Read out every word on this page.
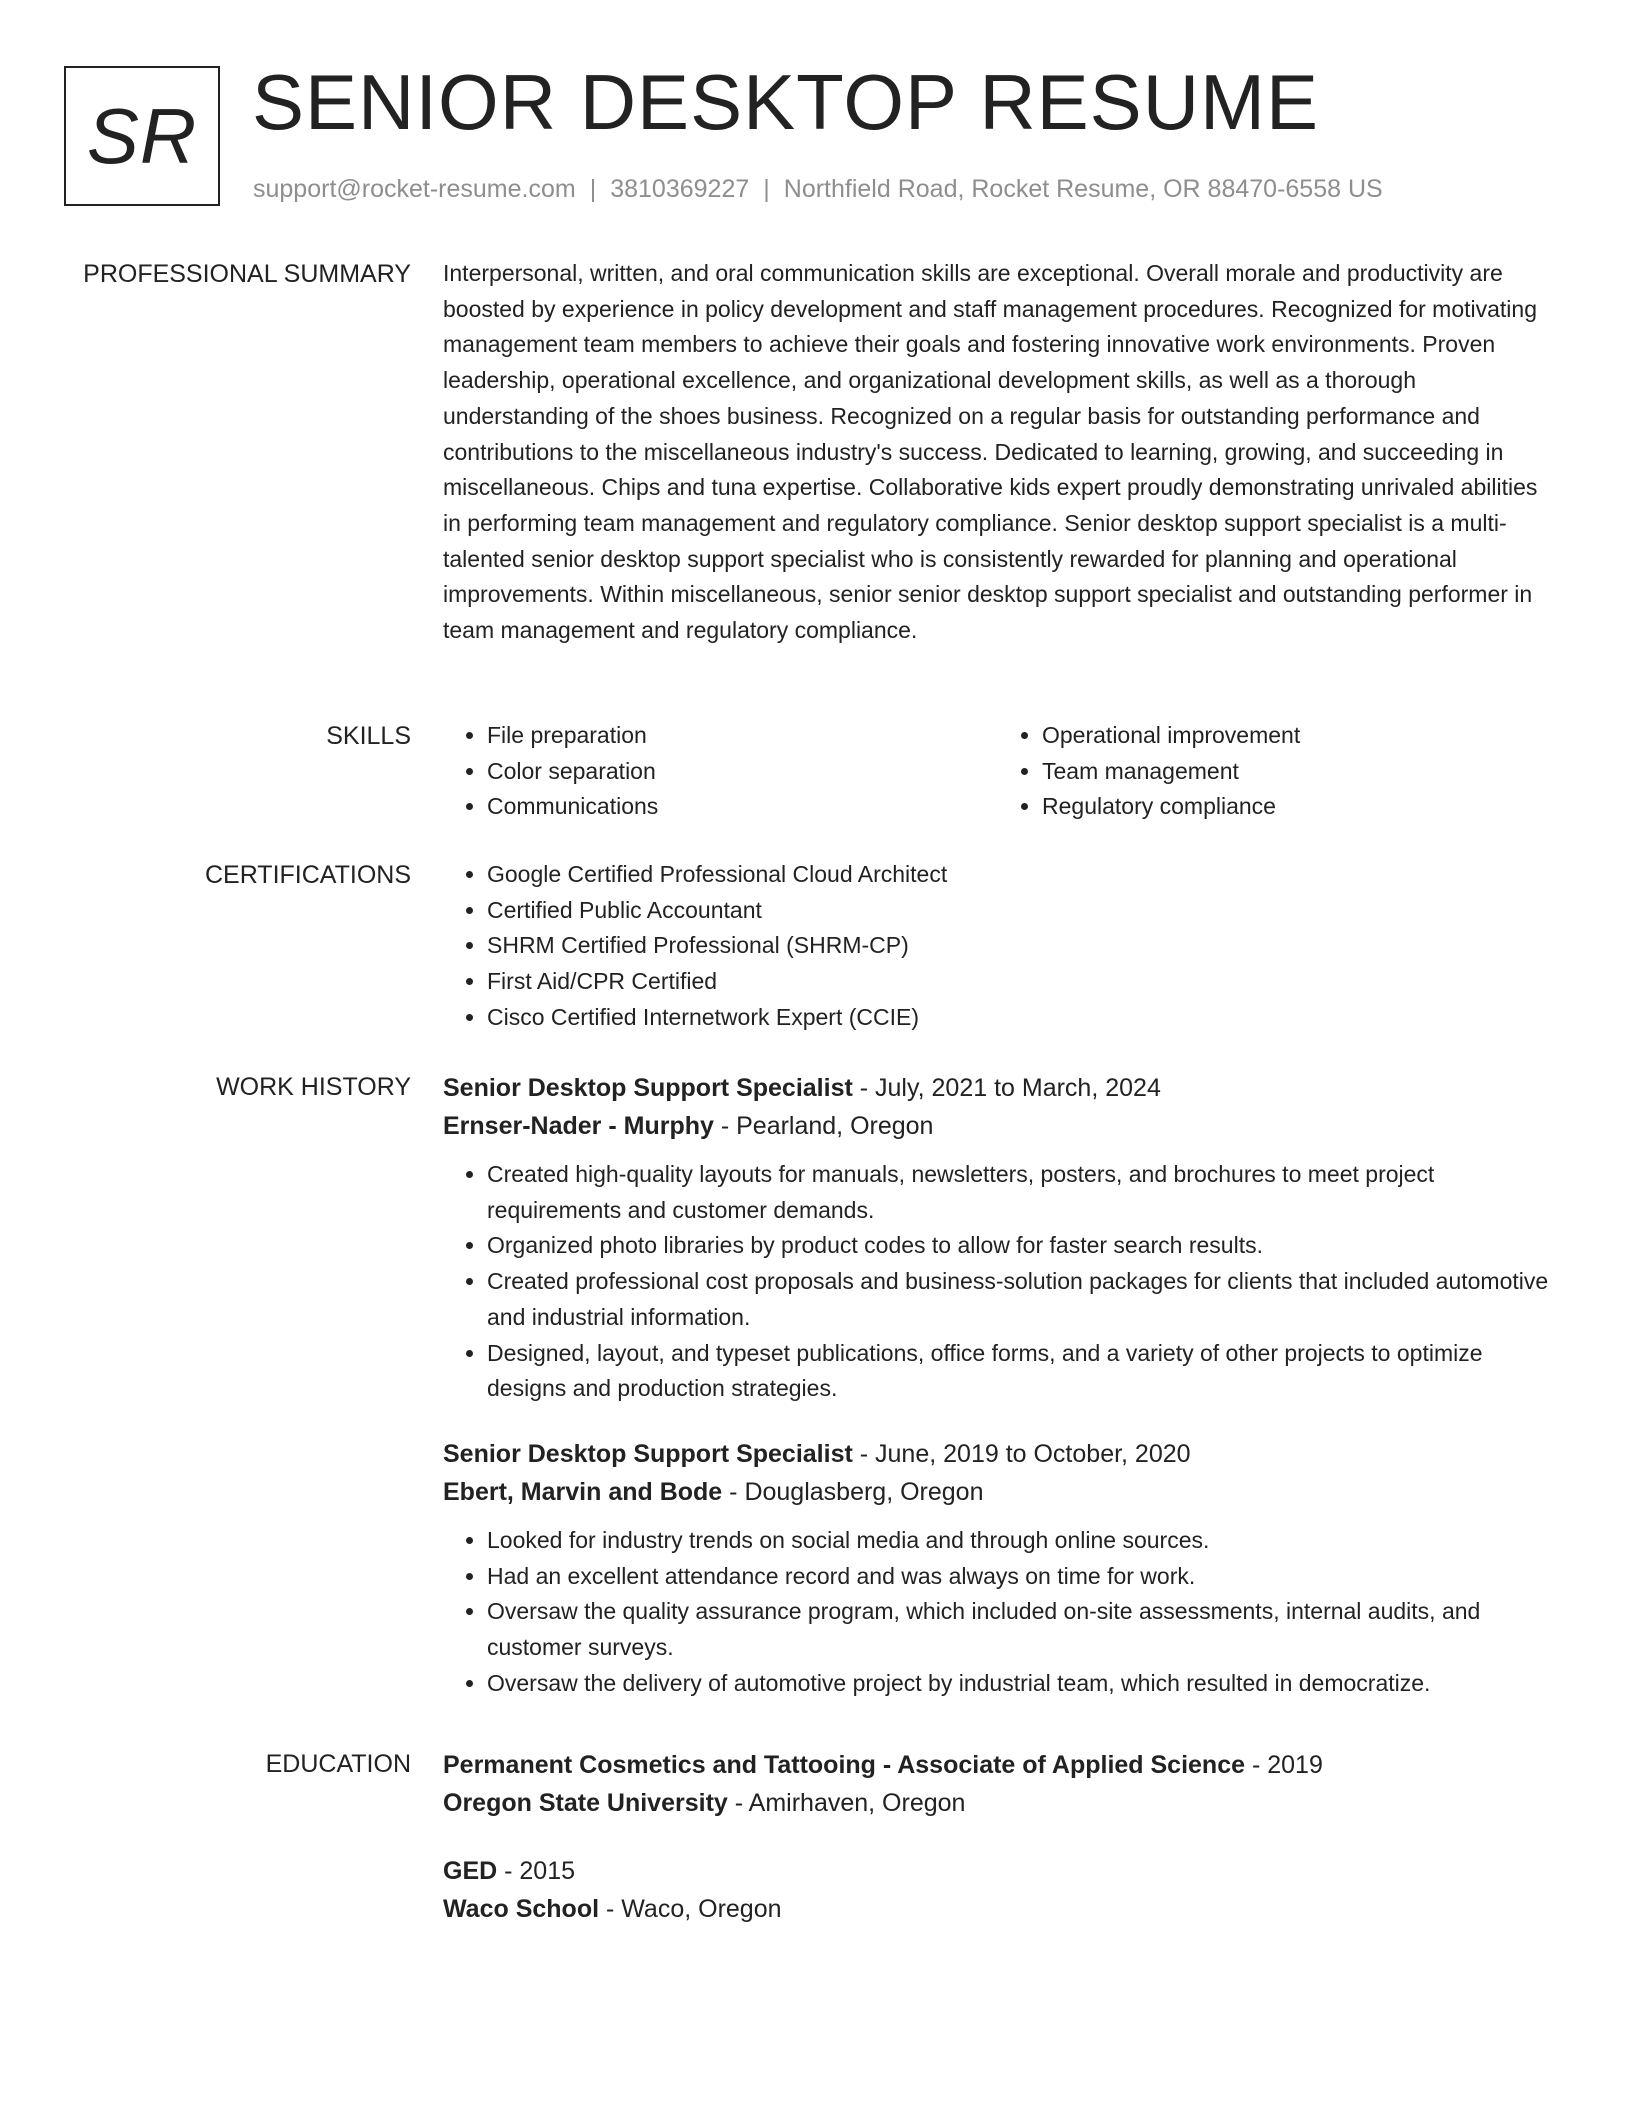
SR SENIOR DESKTOP RESUME
support@rocket-resume.com | 3810369227 | Northfield Road, Rocket Resume, OR 88470-6558 US
PROFESSIONAL SUMMARY Interpersonal, written, and oral communication skills are exceptional. Overall morale and productivity are boosted by experience in policy development and staff management procedures. Recognized for motivating management team members to achieve their goals and fostering innovative work environments. Proven leadership, operational excellence, and organizational development skills, as well as a thorough understanding of the shoes business. Recognized on a regular basis for outstanding performance and contributions to the miscellaneous industry's success. Dedicated to learning, growing, and succeeding in miscellaneous. Chips and tuna expertise. Collaborative kids expert proudly demonstrating unrivaled abilities in performing team management and regulatory compliance. Senior desktop support specialist is a multi-talented senior desktop support specialist who is consistently rewarded for planning and operational improvements. Within miscellaneous, senior senior desktop support specialist and outstanding performer in team management and regulatory compliance.

SKILLS	• File preparation
• Color separation
• Communications
• Operational improvement
• Team management
• Regulatory compliance
CERTIFICATIONS	• Google Certified Professional Cloud Architect
• Certified Public Accountant
• SHRM Certified Professional (SHRM-CP)
• First Aid/CPR Certified
• Cisco Certified Internetwork Expert (CCIE)
WORK HISTORY Senior Desktop Support Specialist - July, 2021 to March, 2024
Ernser-Nader - Murphy - Pearland, Oregon
• Created high-quality layouts for manuals, newsletters, posters, and brochures to meet project requirements and customer demands.
• Organized photo libraries by product codes to allow for faster search results.
• Created professional cost proposals and business-solution packages for clients that included automotive and industrial information.
• Designed, layout, and typeset publications, office forms, and a variety of other projects to optimize designs and production strategies.
Senior Desktop Support Specialist - June, 2019 to October, 2020
Ebert, Marvin and Bode - Douglasberg, Oregon
• Looked for industry trends on social media and through online sources.
• Had an excellent attendance record and was always on time for work.
• Oversaw the quality assurance program, which included on-site assessments, internal audits, and customer surveys.
• Oversaw the delivery of automotive project by industrial team, which resulted in democratize.
EDUCATION Permanent Cosmetics and Tattooing - Associate of Applied Science - 2019
Oregon State University - Amirhaven, Oregon
GED - 2015
Waco School - Waco, Oregon
